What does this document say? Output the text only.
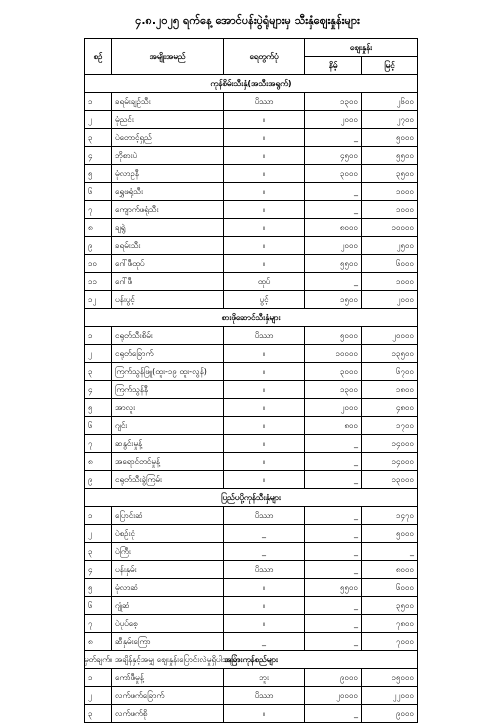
၄.၈.၂၀၂၅ ရက်နေ့ အောင်ပန်းပွဲရုံများမှ သီးနှံဈေးနှုန်းများ
စဉ်	အမျိုးအမည်	ရေတွက်ပုံ	ဈေးနှုန်း	
			နိမ့်	မြင့်
ကုန်စိမ်းသီးနှံ(အသီးအရွက်)				
၁	ခရမ်းချဉ်သီး	ပိဿာ	၁၃၀၀	၂၆၀၀
၂	မုံညင်း	။	၂၀၀၀	၂၇၀၀
၃	ပဲတောင့်ရှည်	။	_	၅၀၀၀
၄	ဘိုစားပဲ	။	၄၅၀၀	၅၅၀၀
၅	မုံလာဥနီ	။	၃၀၀၀	၃၅၀၀
၆	ရွှေဖရုံသီး	။	_	၁၀၀၀
၇	ကျောက်ဖရုံသီး	။	_	၁၀၀၀
၈	ချရွဲ	။	၈၀၀၀	၁၀၀၀၀
၉	ခရမ်းသီး	။	၂၀၀၀	၂၅၀၀
၁၀	ဂေါ်ဖီထုပ်	။	၅၅၀၀	၆၀၀၀
၁၁	ဂေါ်ဖီ	ထုပ်	_	၁၀၀၀
၁၂	ပန်းပွင့်	ပွင့်	၁၅၀၀	၂၀၀၀
စားဖိုဆောင်သီးနှံများ				
၁	ငရုတ်သီးစိမ်း	ပိဿာ	၅၀၀၀	၂၀၀၀၀
၂	ငရုတ်ခြောက်	။	၁၀၀၀၀	၁၃၅၀၀
၃	ကြက်သွန်ဖြူ(ထူး-၁၉ ထူး-လွန်)	။	၃၀၀၀	၆၇၀၀
၄	ကြက်သွန်နီ	။	၁၃၀၀	၁၈၀၀
၅	အာလူး	။	၂၀၀၀	၄၈၀၀
၆	ဂျင်း	။	၈၀၀	၁၇၀၀
၇	ဆနွင်းမှုန့်	။	_	၁၄၀၀၀
၈	အရောင်တင်မှုန့်	။	_	၁၄၀၀၀
၉	ငရုတ်သီးခွဲကြမ်း	။	_	၁၃၀၀၀
ပြည်ပပို့ကုန်သီးနှံများ				
၁	ပြောင်းဆံ	ပိဿာ	_	၁၄၇၀
၂	ပဲစဉ်းငုံ	_	_	၅၀၀၀
၃	ပဲကြီး	_	_	_
၄	ပန်းနှမ်း	ပိဿာ	_	၈၀၀၀
၅	မုံလာဆံ	။	၅၅၀၀	၆၀၀၀
၆	ဂျုံဆံ	။	_	၃၅၀၀
၇	ပဲပုပ်စေ့	။	_	၇၈၀၀
၈	ဆီနှမ်းကြော	_	_	၇၀၀၀
အခြားကုန်စည်များ				
၁	ကော်ဖီမှုန့်	ဘူး	၉၀၀၀	၁၅၀၀၀
၂	လက်ဖက်ခြောက်	ပိဿာ	၂၀၀၀၀	၂၂၀၀၀
၃	လက်ဖက်စို	။	_	၉၀၀၀
မှတ်ချက်။ အချိန်နှင့်အမျှ ဈေးနှုန်းပြောင်းလဲမှုရှိပါသည်။
